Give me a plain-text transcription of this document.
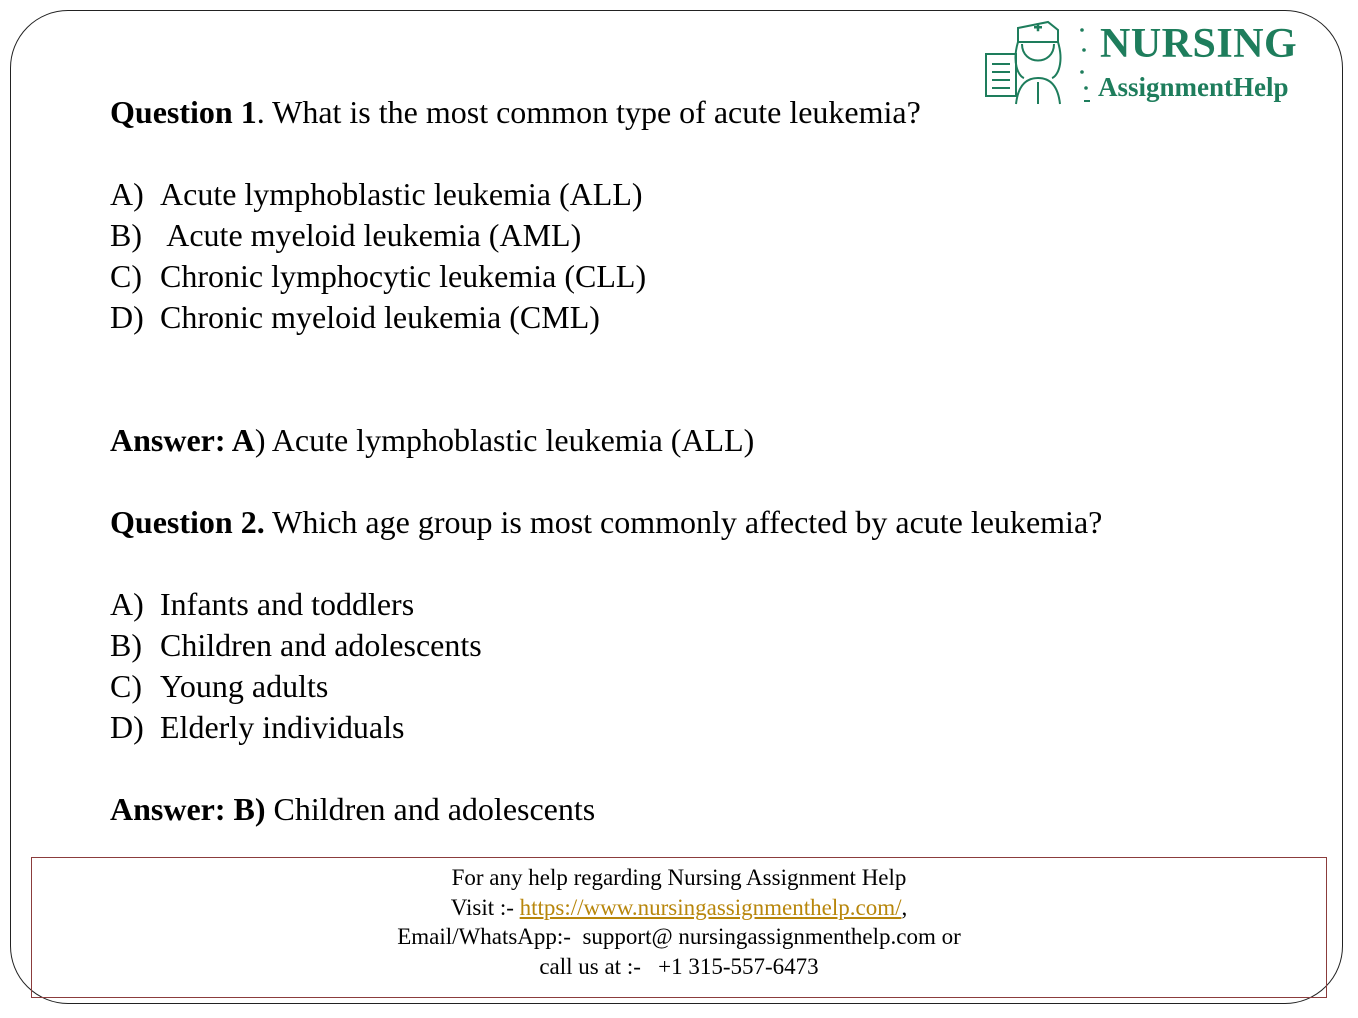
NURSING
AssignmentHelp
Question 1. What is the most common type of acute leukemia?
A) Acute lymphoblastic leukemia (ALL)
B) Acute myeloid leukemia (AML)
C) Chronic lymphocytic leukemia (CLL)
D) Chronic myeloid leukemia (CML)
Answer: A) Acute lymphoblastic leukemia (ALL)
Question 2. Which age group is most commonly affected by acute leukemia?
A) Infants and toddlers
B) Children and adolescents
C) Young adults
D) Elderly individuals
Answer: B) Children and adolescents
For any help regarding Nursing Assignment Help
Visit :- https://www.nursingassignmenthelp.com/,
Email/WhatsApp:-  support@ nursingassignmenthelp.com or
call us at :-   +1 315-557-6473
